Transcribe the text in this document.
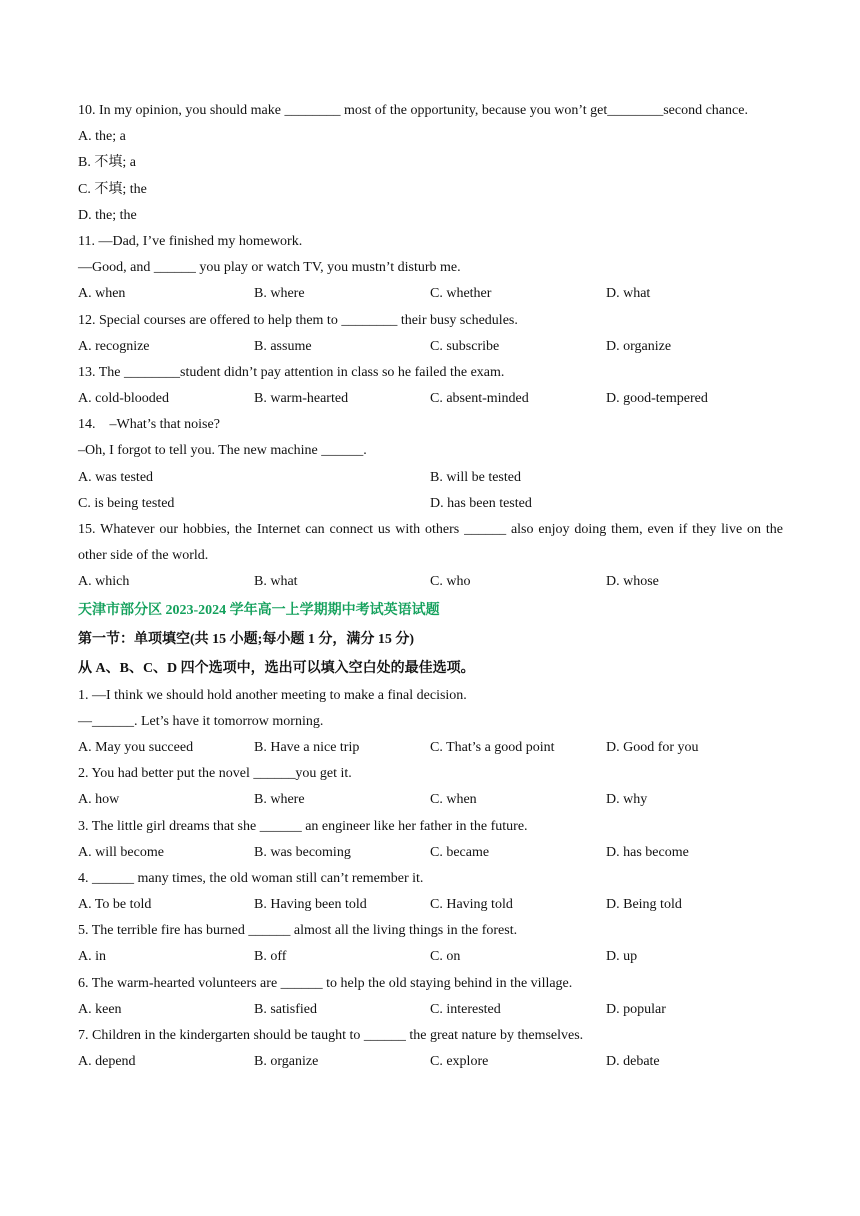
10. In my opinion, you should make ________ most of the opportunity, because you won’t get________second chance.
A. the; a
B. 不填; a
C. 不填; the
D. the; the
11. —Dad, I’ve finished my homework.
—Good, and ______ you play or watch TV, you mustn’t disturb me.
A. when	B. where	C. whether	D. what
12. Special courses are offered to help them to ________ their busy schedules.
A. recognize	B. assume	C. subscribe	D. organize
13. The ________student didn’t pay attention in class so he failed the exam.
A. cold-blooded	B. warm-hearted	C. absent-minded	D. good-tempered
14.    –What’s that noise?
–Oh, I forgot to tell you. The new machine ______.
A. was tested	B. will be tested
C. is being tested	D. has been tested
15. Whatever our hobbies, the Internet can connect us with others ______ also enjoy doing them, even if they live on the other side of the world.
A. which	B. what	C. who	D. whose
天津市部分区 2023-2024 学年高一上学期期中考试英语试题
第一节：单项填空(共 15 小题;每小题 1 分，满分 15 分)
从 A、B、C、D 四个选项中，选出可以填入空白处的最佳选项。
1. —I think we should hold another meeting to make a final decision.
—______. Let’s have it tomorrow morning.
A. May you succeed	B. Have a nice trip	C. That’s a good point	D. Good for you
2. You had better put the novel ______you get it.
A. how	B. where	C. when	D. why
3. The little girl dreams that she ______ an engineer like her father in the future.
A. will become	B. was becoming	C. became	D. has become
4. ______ many times, the old woman still can’t remember it.
A. To be told	B. Having been told	C. Having told	D. Being told
5. The terrible fire has burned ______ almost all the living things in the forest.
A. in	B. off	C. on	D. up
6. The warm-hearted volunteers are ______ to help the old staying behind in the village.
A. keen	B. satisfied	C. interested	D. popular
7. Children in the kindergarten should be taught to ______ the great nature by themselves.
A. depend	B. organize	C. explore	D. debate
